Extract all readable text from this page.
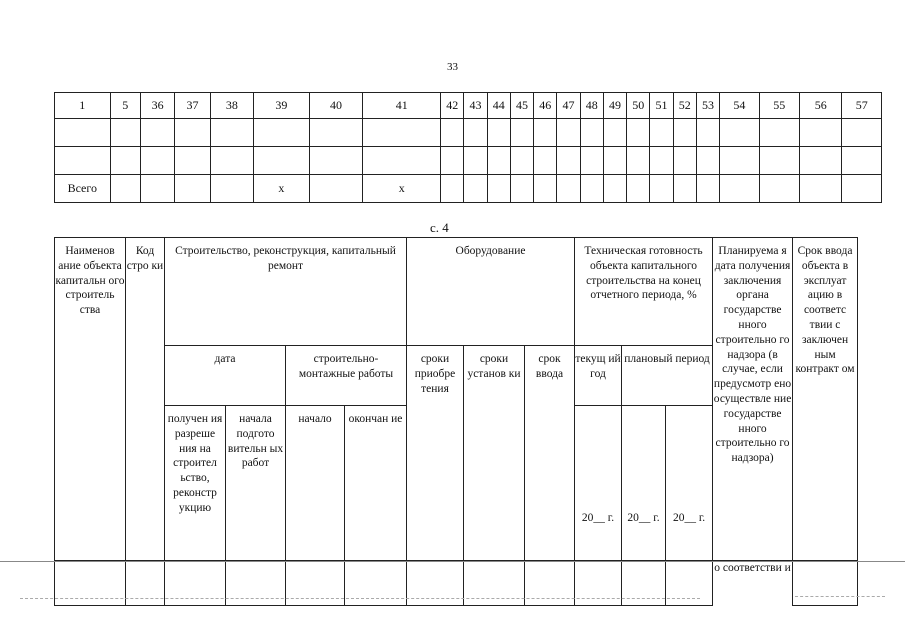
33
1	5	36	37	38	39	40	41	42	43	44	45	46	47	48	49	50	51	52	53	54	55	56	57

Всего					x		x																
с. 4
Наименов ание объекта капитальн ого строитель ства	Код стро ки	Строительство, реконструкция, капитальный ремонт				Оборудование			Техническая готовность объекта капитального строительства на конец отчетного периода, %			Планируема я дата получения заключения органа государстве нного строительно го надзора (в случае, если предусмотр ено осуществле ние государстве нного строительно го надзора)	Срок ввода объекта в эксплуат ацию в соответс твии с заключен ным контракт ом
		дата		строительно-монтажные работы		сроки приобре тения	сроки установ ки	срок ввода	текущ ий год	плановый период			
		получен ия разреше ния на строител ьство, реконстр укцию	начала подгото вительн ых работ	начало	окончан ие				20__ г.	20__ г.	20__ г.		
												о соответстви и	
